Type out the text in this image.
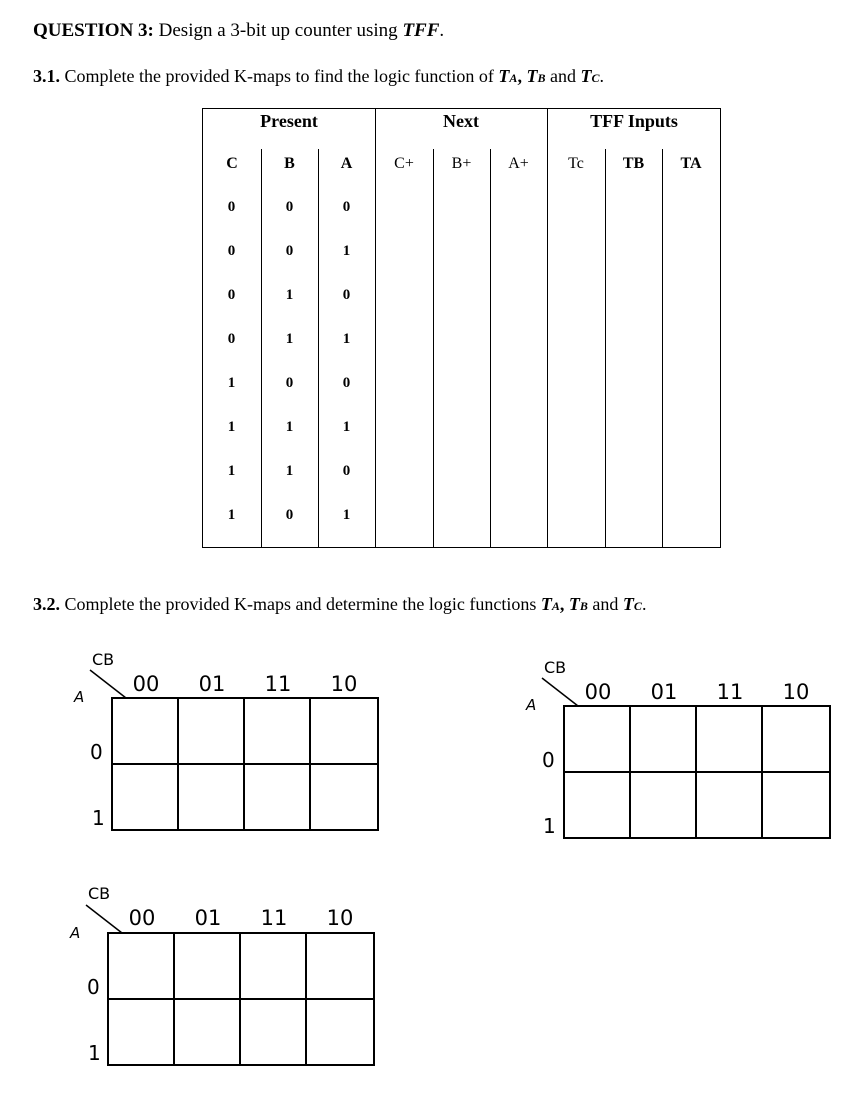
QUESTION 3: Design a 3-bit up counter using TFF.
3.1. Complete the provided K-maps to find the logic function of TA, TB and TC.
Present	Next	TFF Inputs
C	B	A	C+	B+	A+	Tc	TB	TA
0	0	0
0	0	1
0	1	0
0	1	1
1	0	0
1	1	1
1	1	0
1	0	1
3.2. Complete the provided K-maps and determine the logic functions TA, TB and TC.
CB
A
00	01	11	10
0
1
CB
A
00	01	11	10
0
1
CB
A
00	01	11	10
0
1
